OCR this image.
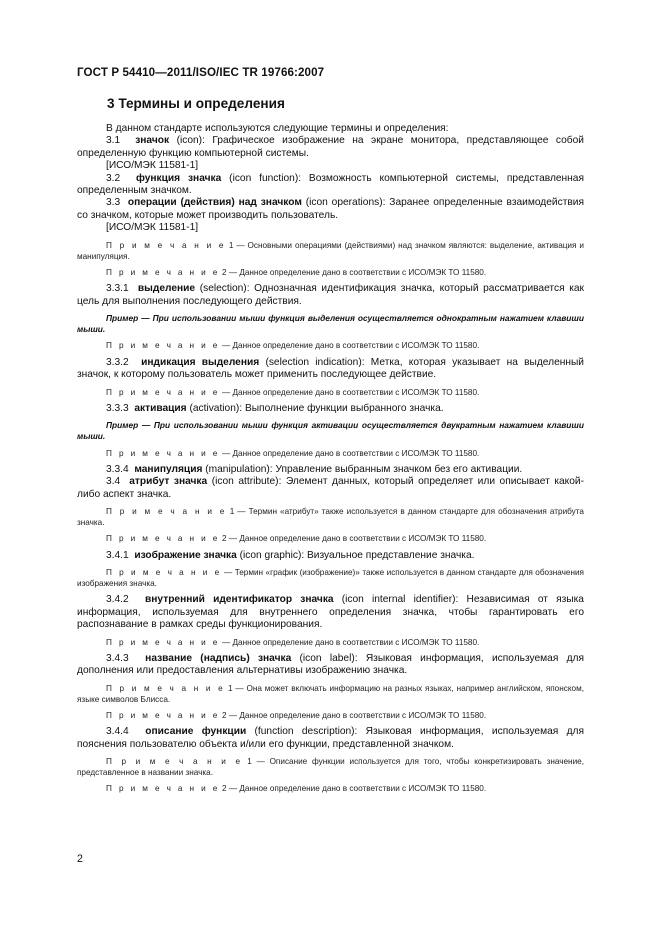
ГОСТ Р 54410—2011/ISO/IEC TR 19766:2007
3 Термины и определения

В данном стандарте используются следующие термины и определения:

3.1 значок (icon): Графическое изображение на экране монитора, представляющее собой определенную функцию компьютерной системы.

[ИСО/МЭК 11581-1]

3.2 функция значка (icon function): Возможность компьютерной системы, представленная определенным значком.

3.3 операции (действия) над значком (icon operations): Заранее определенные взаимодействия со значком, которые может производить пользователь.

[ИСО/МЭК 11581-1]

П р и м е ч а н и е 1 — Основными операциями (действиями) над значком являются: выделение, активация и манипуляция.

П р и м е ч а н и е 2 — Данное определение дано в соответствии с ИСО/МЭК ТО 11580.

3.3.1 выделение (selection): Однозначная идентификация значка, который рассматривается как цель для выполнения последующего действия.

Пример — При использовании мыши функция выделения осуществляется однократным нажатием клавиши мыши.

П р и м е ч а н и е — Данное определение дано в соответствии с ИСО/МЭК ТО 11580.

3.3.2 индикация выделения (selection indication): Метка, которая указывает на выделенный значок, к которому пользователь может применить последующее действие.

П р и м е ч а н и е — Данное определение дано в соответствии с ИСО/МЭК ТО 11580.

3.3.3 активация (activation): Выполнение функции выбранного значка.

Пример — При использовании мыши функция активации осуществляется двукратным нажатием клавиши мыши.

П р и м е ч а н и е — Данное определение дано в соответствии с ИСО/МЭК ТО 11580.

3.3.4 манипуляция (manipulation): Управление выбранным значком без его активации.

3.4 атрибут значка (icon attribute): Элемент данных, который определяет или описывает какой-либо аспект значка.

П р и м е ч а н и е 1 — Термин «атрибут» также используется в данном стандарте для обозначения атрибута значка.

П р и м е ч а н и е 2 — Данное определение дано в соответствии с ИСО/МЭК ТО 11580.

3.4.1 изображение значка (icon graphic): Визуальное представление значка.

П р и м е ч а н и е — Термин «график (изображение)» также используется в данном стандарте для обозначения изображения значка.

3.4.2 внутренний идентификатор значка (icon internal identifier): Независимая от языка информация, используемая для внутреннего определения значка, чтобы гарантировать его распознавание в рамках среды функционирования.

П р и м е ч а н и е — Данное определение дано в соответствии с ИСО/МЭК ТО 11580.

3.4.3 название (надпись) значка (icon label): Языковая информация, используемая для дополнения или предоставления альтернативы изображению значка.

П р и м е ч а н и е 1 — Она может включать информацию на разных языках, например английском, японском, языке символов Блисса.

П р и м е ч а н и е 2 — Данное определение дано в соответствии с ИСО/МЭК ТО 11580.

3.4.4 описание функции (function description): Языковая информация, используемая для пояснения пользователю объекта и/или его функции, представленной значком.

П р и м е ч а н и е 1 — Описание функции используется для того, чтобы конкретизировать значение, представленное в названии значка.

П р и м е ч а н и е 2 — Данное определение дано в соответствии с ИСО/МЭК ТО 11580.

2
